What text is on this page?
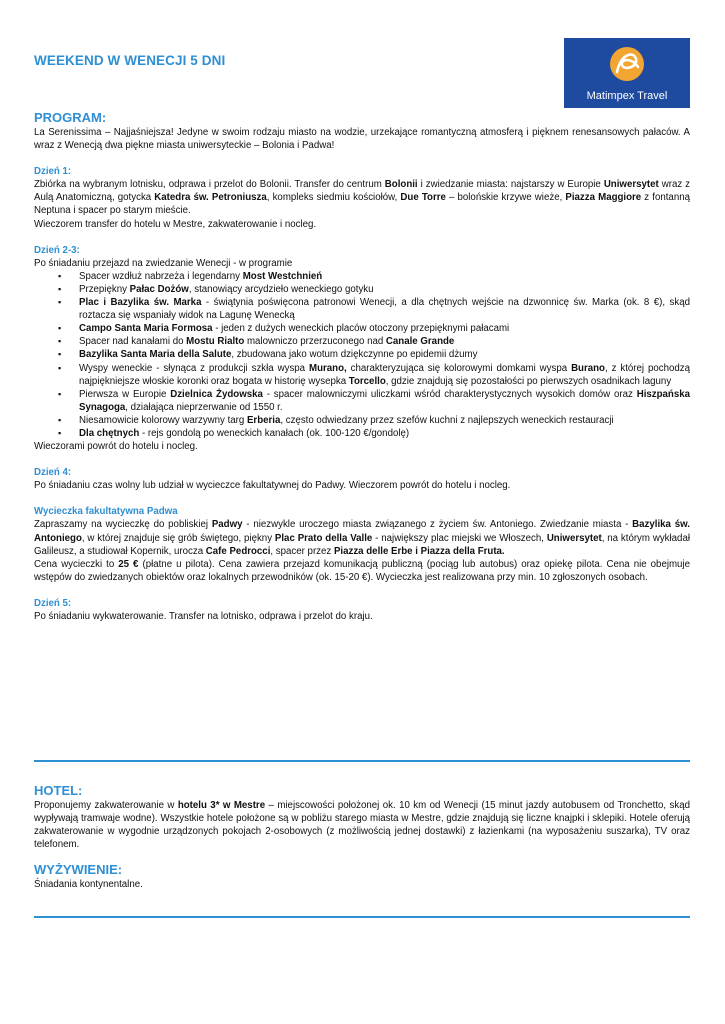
WEEKEND W WENECJI 5 DNI
Matimpex Travel

PROGRAM:

La Serenissima – Najjaśniejsza! Jedyne w swoim rodzaju miasto na wodzie, urzekające romantyczną atmosferą i pięknem renesansowych pałaców. A wraz z Wenecją dwa piękne miasta uniwersyteckie – Bolonia i Padwa!

Dzień 1:

Zbiórka na wybranym lotnisku, odprawa i przelot do Bolonii. Transfer do centrum Bolonii i zwiedzanie miasta: najstarszy w Europie Uniwersytet wraz z Aulą Anatomiczną, gotycka Katedra św. Petroniusza, kompleks siedmiu kościołów, Due Torre – bolońskie krzywe wieże, Piazza Maggiore z fontanną Neptuna i spacer po starym mieście.

Wieczorem transfer do hotelu w Mestre, zakwaterowanie i nocleg.

Dzień 2-3:

Po śniadaniu przejazd na zwiedzanie Wenecji - w programie

▪ Spacer wzdłuż nabrzeża i legendarny Most Westchnień
▪ Przepiękny Pałac Dożów, stanowiący arcydzieło weneckiego gotyku
▪ Plac i Bazylika św. Marka - świątynia poświęcona patronowi Wenecji, a dla chętnych wejście na dzwonnicę św. Marka (ok. 8 €), skąd roztacza się wspaniały widok na Lagunę Wenecką
▪ Campo Santa Maria Formosa - jeden z dużych weneckich placów otoczony przepięknymi pałacami
▪ Spacer nad kanałami do Mostu Rialto malowniczo przerzuconego nad Canale Grande
▪ Bazylika Santa Maria della Salute, zbudowana jako wotum dziękczynne po epidemii dżumy
▪ Wyspy weneckie - słynąca z produkcji szkła wyspa Murano, charakteryzująca się kolorowymi domkami wyspa Burano, z której pochodzą najpiękniejsze włoskie koronki oraz bogata w historię wysepka Torcello, gdzie znajdują się pozostałości po pierwszych osadnikach laguny
▪ Pierwsza w Europie Dzielnica Żydowska - spacer malowniczymi uliczkami wśród charakterystycznych wysokich domów oraz Hiszpańska Synagoga, działająca nieprzerwanie od 1550 r.
▪ Niesamowicie kolorowy warzywny targ Erberia, często odwiedzany przez szefów kuchni z najlepszych weneckich restauracji
▪ Dla chętnych - rejs gondolą po weneckich kanałach (ok. 100-120 €/gondolę)

Wieczorami powrót do hotelu i nocleg.

Dzień 4:

Po śniadaniu czas wolny lub udział w wycieczce fakultatywnej do Padwy. Wieczorem powrót do hotelu i nocleg.

Wycieczka fakultatywna Padwa

Zapraszamy na wycieczkę do pobliskiej Padwy - niezwykle uroczego miasta związanego z życiem św. Antoniego. Zwiedzanie miasta - Bazylika św. Antoniego, w której znajduje się grób świętego, piękny Plac Prato della Valle - największy plac miejski we Włoszech, Uniwersytet, na którym wykładał Galileusz, a studiował Kopernik, urocza Cafe Pedrocci, spacer przez Piazza delle Erbe i Piazza della Fruta.

Cena wycieczki to 25 € (płatne u pilota). Cena zawiera przejazd komunikacją publiczną (pociąg lub autobus) oraz opiekę pilota. Cena nie obejmuje wstępów do zwiedzanych obiektów oraz lokalnych przewodników (ok. 15-20 €). Wycieczka jest realizowana przy min. 10 zgłoszonych osobach.

Dzień 5:

Po śniadaniu wykwaterowanie. Transfer na lotnisko, odprawa i przelot do kraju.

HOTEL:

Proponujemy zakwaterowanie w hotelu 3* w Mestre – miejscowości położonej ok. 10 km od Wenecji (15 minut jazdy autobusem od Tronchetto, skąd wypływają tramwaje wodne). Wszystkie hotele położone są w pobliżu starego miasta w Mestre, gdzie znajdują się liczne knajpki i sklepiki. Hotele oferują zakwaterowanie w wygodnie urządzonych pokojach 2-osobowych (z możliwością jednej dostawki) z łazienkami (na wyposażeniu suszarka), TV oraz telefonem.

WYŻYWIENIE:

Śniadania kontynentalne.
